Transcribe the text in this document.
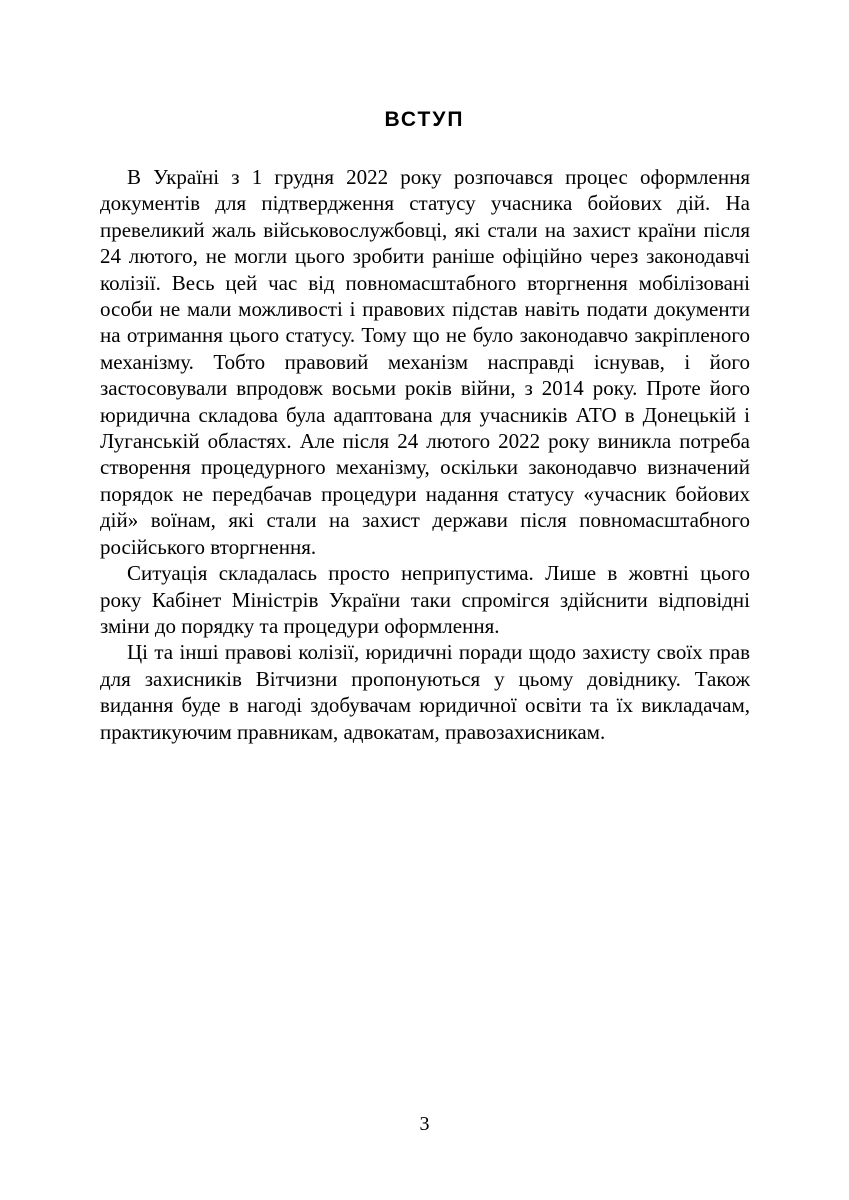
ВСТУП

В Україні з 1 грудня 2022 року розпочався процес оформлення документів для підтвердження статусу учасника бойових дій. На превеликий жаль військовослужбовці, які стали на захист країни після 24 лютого, не могли цього зробити раніше офіційно через законодавчі колізії. Весь цей час від повномасштабного вторгнення мобілізовані особи не мали можливості і правових підстав навіть подати документи на отримання цього статусу. Тому що не було законодавчо закріпленого механізму. Тобто правовий механізм насправді існував, і його застосовували впродовж восьми років війни, з 2014 року. Проте його юридична складова була адаптована для учасників АТО в Донецькій і Луганській областях. Але після 24 лютого 2022 року виникла потреба створення процедурного механізму, оскільки законодавчо визначений порядок не передбачав процедури надання статусу «учасник бойових дій» воїнам, які стали на захист держави після повномасштабного російського вторгнення.

Ситуація складалась просто неприпустима. Лише в жовтні цього року Кабінет Міністрів України таки спромігся здійснити відповідні зміни до порядку та процедури оформлення.

Ці та інші правові колізії, юридичні поради щодо захисту своїх прав для захисників Вітчизни пропонуються у цьому довіднику. Також видання буде в нагоді здобувачам юридичної освіти та їх викладачам, практикуючим правникам, адвокатам, правозахисникам.

3
